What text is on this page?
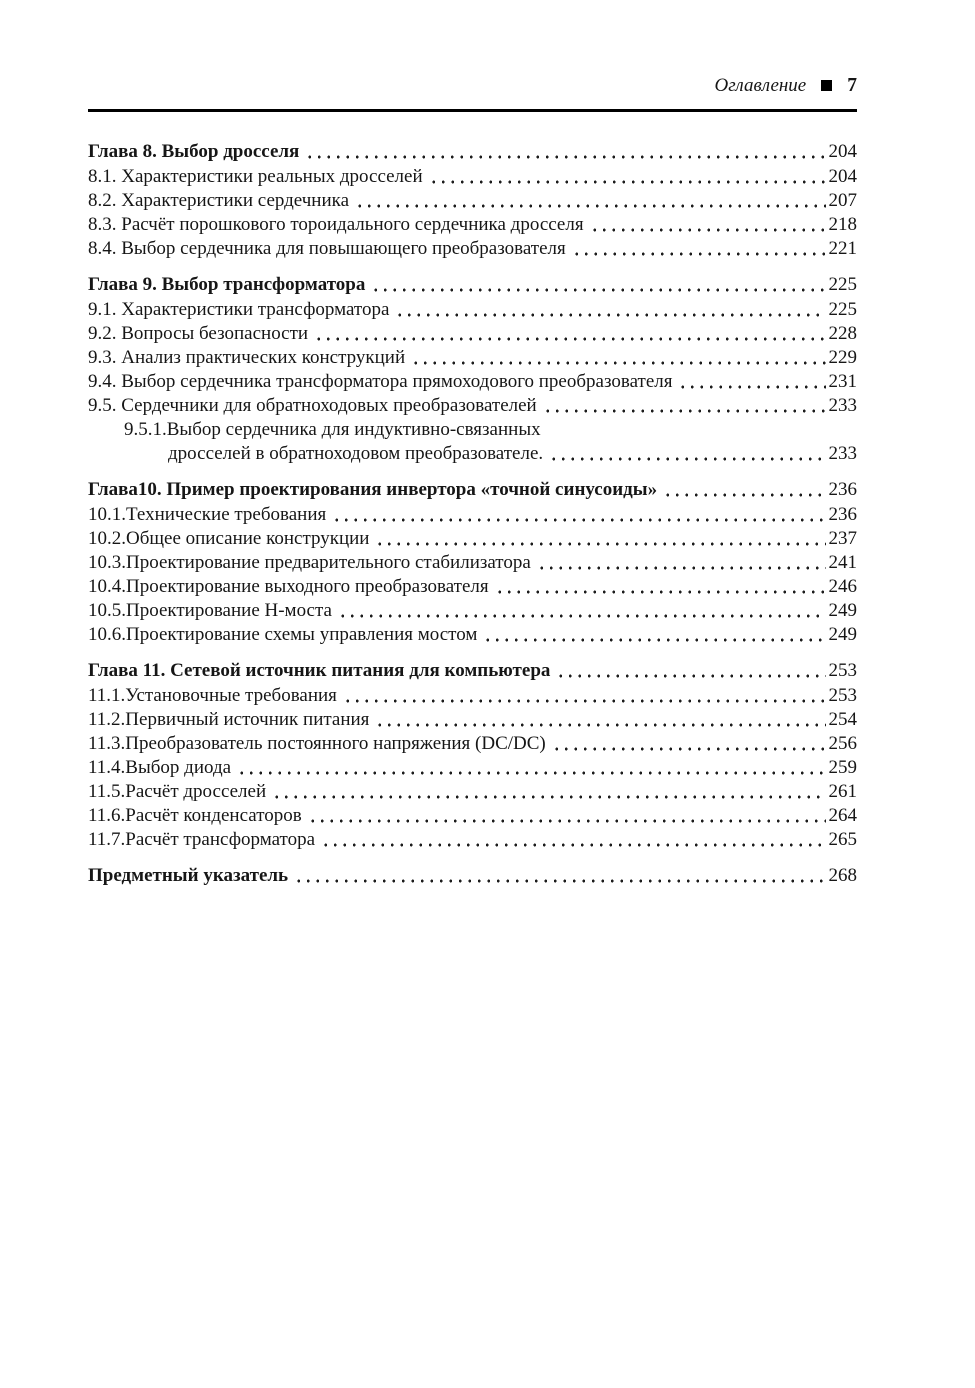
Оглавление 7
Глава 8. Выбор дросселя	204
8.1. Характеристики реальных дросселей	204
8.2. Характеристики сердечника	207
8.3. Расчёт порошкового тороидального сердечника дросселя	218
8.4. Выбор сердечника для повышающего преобразователя	221
Глава 9. Выбор трансформатора	225
9.1. Характеристики трансформатора	225
9.2. Вопросы безопасности	228
9.3. Анализ практических конструкций	229
9.4. Выбор сердечника трансформатора прямоходового преобразователя	231
9.5. Сердечники для обратноходовых преобразователей	233
9.5.1.Выбор сердечника для индуктивно-связанных
дросселей в обратноходовом преобразователе.	233
Глава10. Пример проектирования инвертора «точной синусоиды»	236
10.1.Технические требования	236
10.2.Общее описание конструкции	237
10.3.Проектирование предварительного стабилизатора	241
10.4.Проектирование выходного преобразователя	246
10.5.Проектирование Н-моста	249
10.6.Проектирование схемы управления мостом	249
Глава 11. Сетевой источник питания для компьютера	253
11.1.Установочные требования	253
11.2.Первичный источник питания	254
11.3.Преобразователь постоянного напряжения (DC/DC)	256
11.4.Выбор диода	259
11.5.Расчёт дросселей	261
11.6.Расчёт конденсаторов	264
11.7.Расчёт трансформатора	265
Предметный указатель	268
